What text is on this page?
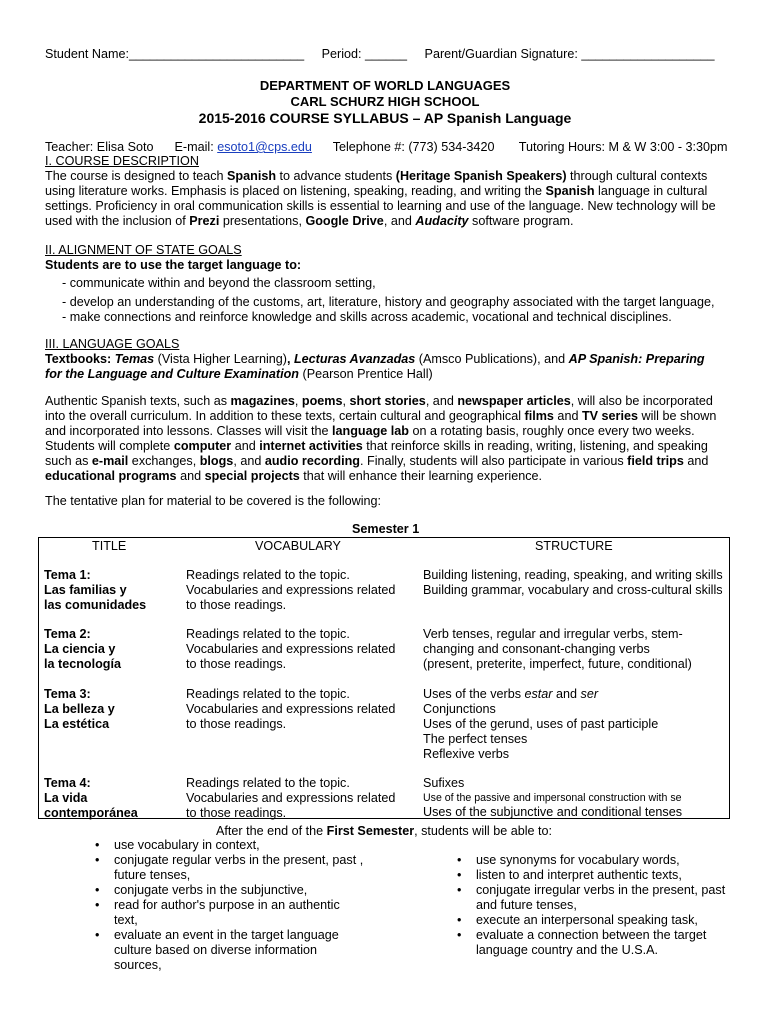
Student Name:_________________________ Period: ______ Parent/Guardian Signature: ___________________
DEPARTMENT OF WORLD LANGUAGES
CARL SCHURZ HIGH SCHOOL
2015-2016 COURSE SYLLABUS – AP Spanish Language
Teacher: Elisa Soto E-mail: esoto1@cps.edu Telephone #: (773) 534-3420 Tutoring Hours: M & W 3:00 - 3:30pm
I. COURSE DESCRIPTION
The course is designed to teach Spanish to advance students (Heritage Spanish Speakers) through cultural contexts
using literature works. Emphasis is placed on listening, speaking, reading, and writing the Spanish language in cultural
settings. Proficiency in oral communication skills is essential to learning and use of the language. New technology will be
used with the inclusion of Prezi presentations, Google Drive, and Audacity software program.
II. ALIGNMENT OF STATE GOALS
Students are to use the target language to:
- communicate within and beyond the classroom setting,
- develop an understanding of the customs, art, literature, history and geography associated with the target language,
- make connections and reinforce knowledge and skills across academic, vocational and technical disciplines.
III. LANGUAGE GOALS
Textbooks: Temas (Vista Higher Learning), Lecturas Avanzadas (Amsco Publications), and AP Spanish: Preparing
for the Language and Culture Examination (Pearson Prentice Hall)
Authentic Spanish texts, such as magazines, poems, short stories, and newspaper articles, will also be incorporated
into the overall curriculum. In addition to these texts, certain cultural and geographical films and TV series will be shown
and incorporated into lessons. Classes will visit the language lab on a rotating basis, roughly once every two weeks.
Students will complete computer and internet activities that reinforce skills in reading, writing, listening, and speaking
such as e-mail exchanges, blogs, and audio recording. Finally, students will also participate in various field trips and
educational programs and special projects that will enhance their learning experience.
The tentative plan for material to be covered is the following:
Semester 1
TITLE	VOCABULARY	STRUCTURE
Tema 1:
Las familias y
las comunidades
Readings related to the topic.
Vocabularies and expressions related
to those readings.
Building listening, reading, speaking, and writing skills
Building grammar, vocabulary and cross-cultural skills
Tema 2:
La ciencia y
la tecnología
Readings related to the topic.
Vocabularies and expressions related
to those readings.
Verb tenses, regular and irregular verbs, stem-
changing and consonant-changing verbs
(present, preterite, imperfect, future, conditional)
Tema 3:
La belleza y
La estética
Readings related to the topic.
Vocabularies and expressions related
to those readings.
Uses of the verbs estar and ser
Conjunctions
Uses of the gerund, uses of past participle
The perfect tenses
Reflexive verbs
Tema 4:
La vida
contemporánea
Readings related to the topic.
Vocabularies and expressions related
to those readings.
Sufixes
Use of the passive and impersonal construction with se
Uses of the subjunctive and conditional tenses
After the end of the First Semester, students will be able to:
• use vocabulary in context,
• conjugate regular verbs in the present, past ,
future tenses,
• conjugate verbs in the subjunctive,
• read for author's purpose in an authentic
text,
• evaluate an event in the target language
culture based on diverse information
sources,
• use synonyms for vocabulary words,
• listen to and interpret authentic texts,
• conjugate irregular verbs in the present, past
and future tenses,
• execute an interpersonal speaking task,
• evaluate a connection between the target
language country and the U.S.A.
